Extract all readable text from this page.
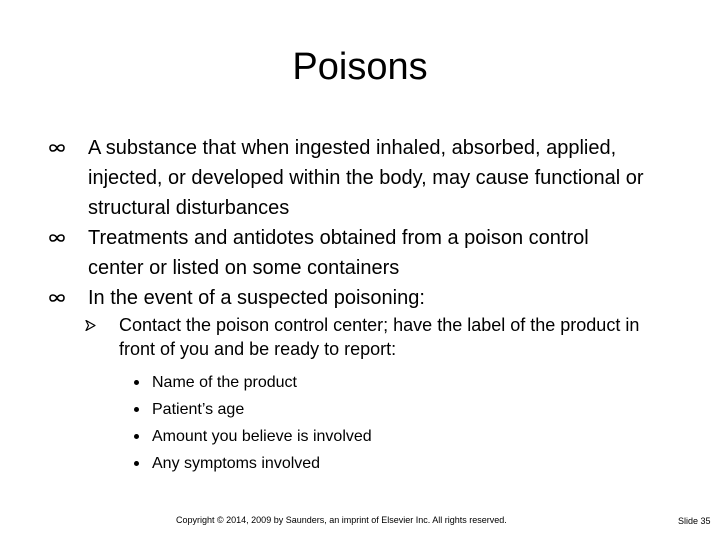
Poisons
A substance that when ingested inhaled, absorbed, applied, injected, or developed within the body, may cause functional or structural disturbances
Treatments and antidotes obtained from a poison control center or listed on some containers
In the event of a suspected poisoning:
Contact the poison control center; have the label of the product in front of you and be ready to report:
Name of the product
Patient’s age
Amount you believe is involved
Any symptoms involved
Copyright © 2014, 2009 by Saunders, an imprint of Elsevier Inc. All rights reserved.	Slide 35
